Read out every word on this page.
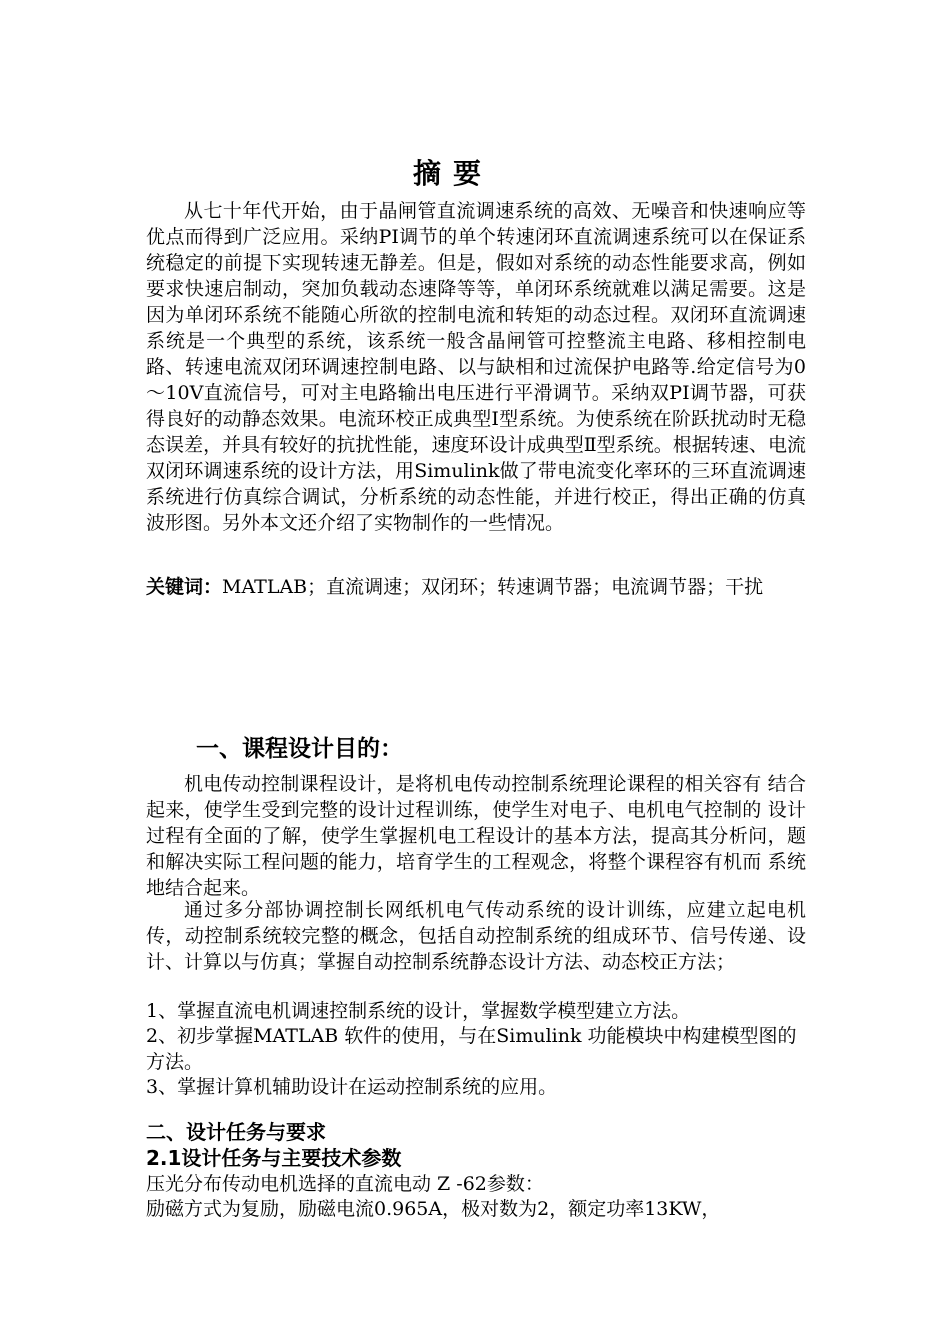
摘要
从七十年代开始，由于晶闸管直流调速系统的高效、无噪音和快速响应等优点而得到广泛应用。采纳PI调节的单个转速闭环直流调速系统可以在保证系统稳定的前提下实现转速无静差。但是，假如对系统的动态性能要求高，例如要求快速启制动，突加负载动态速降等等，单闭环系统就难以满足需要。这是因为单闭环系统不能随心所欲的控制电流和转矩的动态过程。双闭环直流调速系统是一个典型的系统，该系统一般含晶闸管可控整流主电路、移相控制电路、转速电流双闭环调速控制电路、以与缺相和过流保护电路等.给定信号为0～10V直流信号，可对主电路输出电压进行平滑调节。采纳双PI调节器，可获得良好的动静态效果。电流环校正成典型I型系统。为使系统在阶跃扰动时无稳态误差，并具有较好的抗扰性能，速度环设计成典型Ⅱ型系统。根据转速、电流双闭环调速系统的设计方法，用Simulink做了带电流变化率环的三环直流调速系统进行仿真综合调试，分析系统的动态性能，并进行校正，得出正确的仿真波形图。另外本文还介绍了实物制作的一些情况。
关键词：MATLAB；直流调速；双闭环；转速调节器；电流调节器；干扰
一、课程设计目的：
机电传动控制课程设计，是将机电传动控制系统理论课程的相关容有 结合起来，使学生受到完整的设计过程训练，使学生对电子、电机电气控制的 设计过程有全面的了解，使学生掌握机电工程设计的基本方法，提高其分析问，题和解决实际工程问题的能力，培育学生的工程观念，将整个课程容有机而 系统地结合起来。
通过多分部协调控制长网纸机电气传动系统的设计训练，应建立起电机传，动控制系统较完整的概念，包括自动控制系统的组成环节、信号传递、设计、计算以与仿真；掌握自动控制系统静态设计方法、动态校正方法；
1、掌握直流电机调速控制系统的设计，掌握数学模型建立方法。
2、初步掌握MATLAB 软件的使用，与在Simulink 功能模块中构建模型图的方法。
3、掌握计算机辅助设计在运动控制系统的应用。
二、设计任务与要求
2.1设计任务与主要技术参数
压光分布传动电机选择的直流电动 Z -62参数：
励磁方式为复励，励磁电流0.965A，极对数为2，额定功率13KW，
